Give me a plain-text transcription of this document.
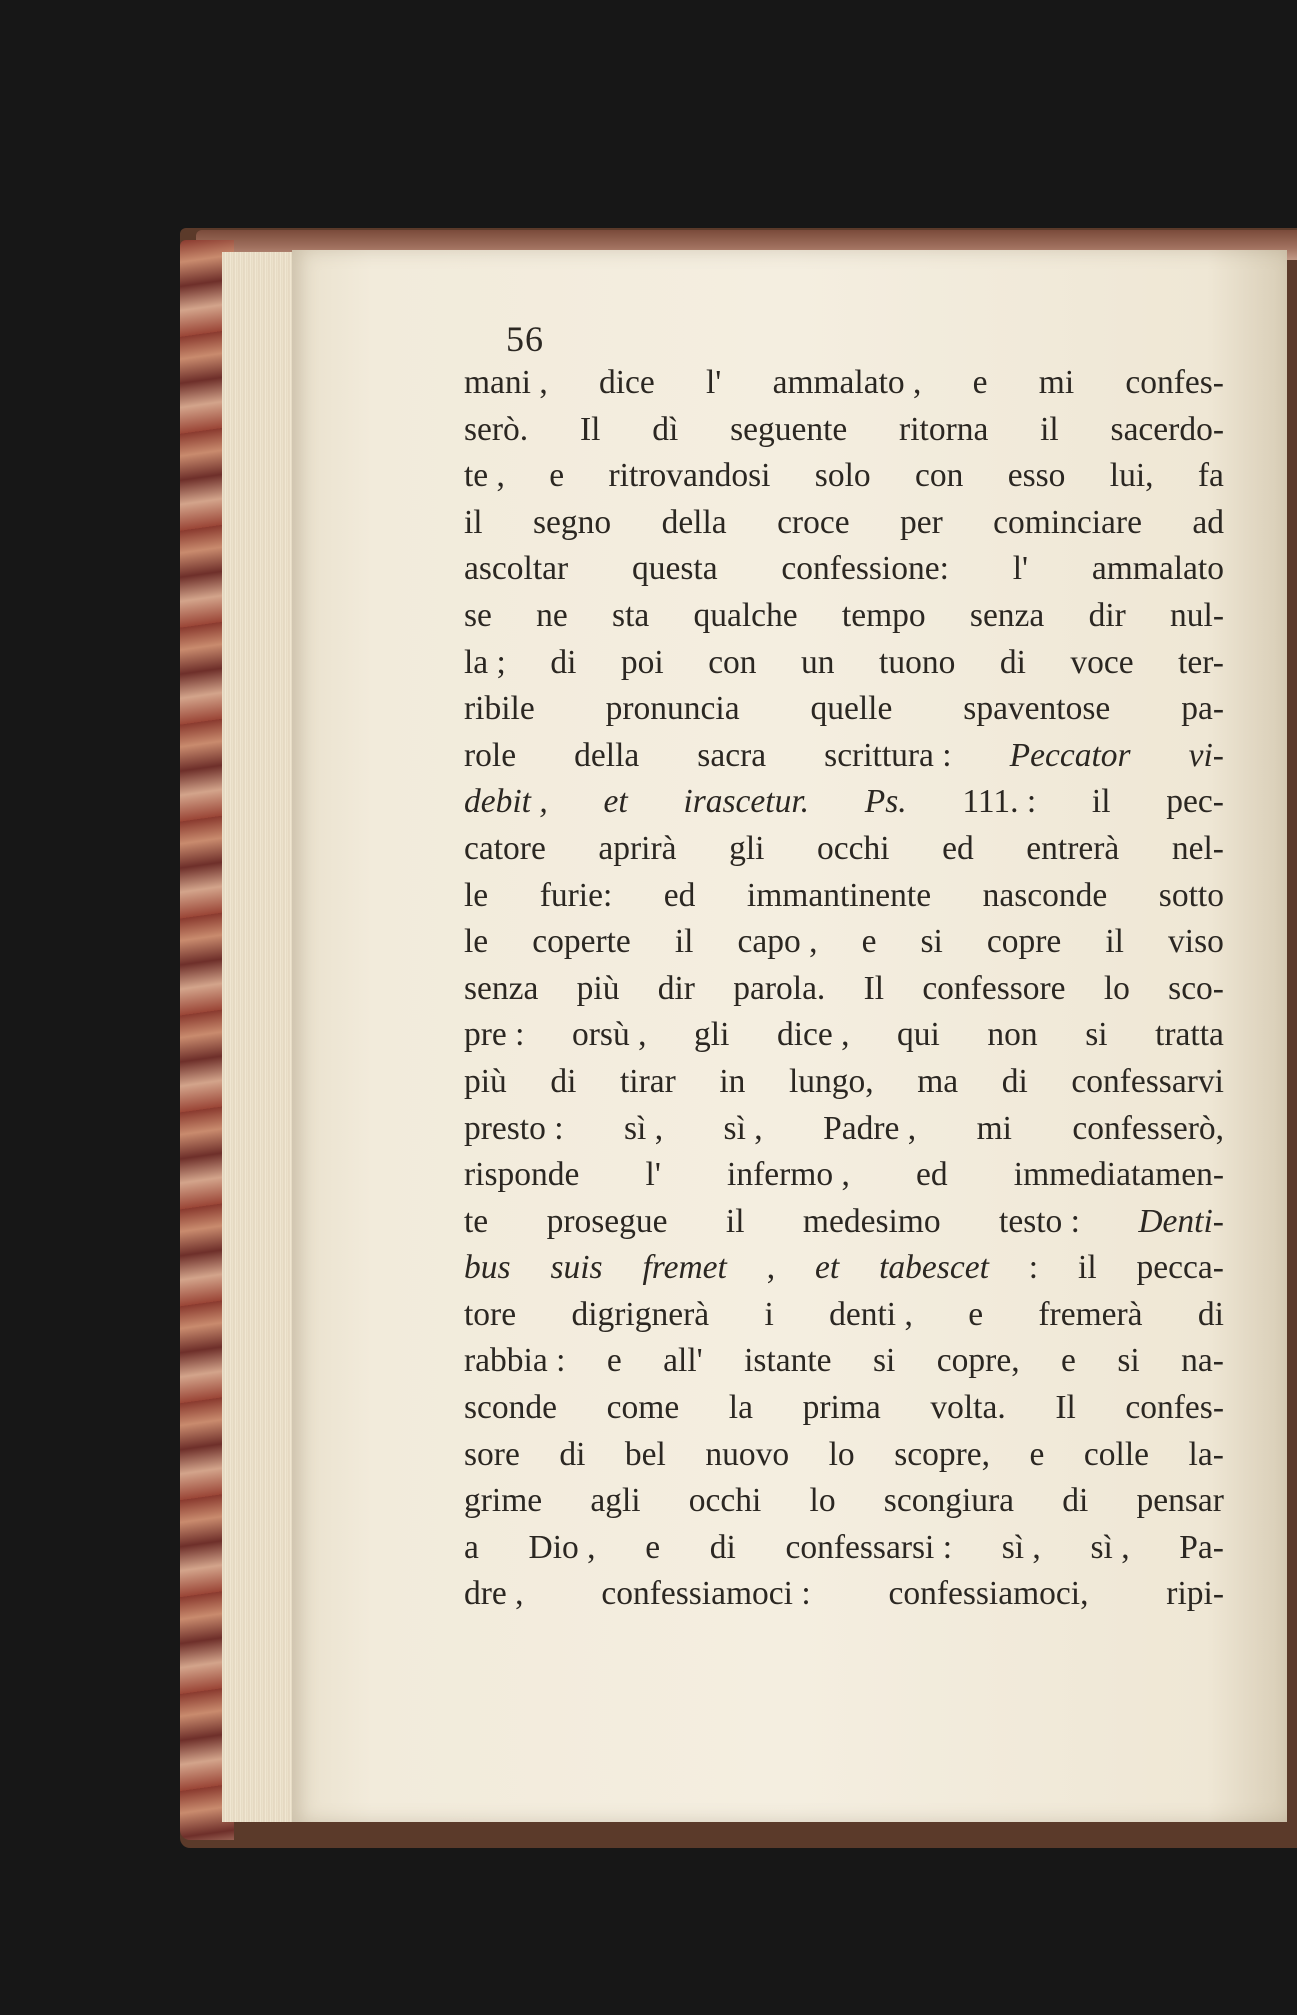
56
mani , dice l' ammalato , e mi confes-
serò. Il dì seguente ritorna il sacerdo-
te , e ritrovandosi solo con esso lui, fa
il segno della croce per cominciare ad
ascoltar questa confessione: l' ammalato
se ne sta qualche tempo senza dir nul-
la ; di poi con un tuono di voce ter-
ribile pronuncia quelle spaventose pa-
role della sacra scrittura : Peccator vi-
debit , et irascetur. Ps. 111. : il pec-
catore aprirà gli occhi ed entrerà nel-
le furie: ed immantinente nasconde sotto
le coperte il capo , e si copre il viso
senza più dir parola. Il confessore lo sco-
pre : orsù , gli dice , qui non si tratta
più di tirar in lungo, ma di confessarvi
presto : sì , sì , Padre , mi confesserò,
risponde l' infermo , ed immediatamen-
te prosegue il medesimo testo : Denti-
bus suis fremet , et tabescet : il pecca-
tore digrignerà i denti , e fremerà di
rabbia : e all' istante si copre, e si na-
sconde come la prima volta. Il confes-
sore di bel nuovo lo scopre, e colle la-
grime agli occhi lo scongiura di pensar
a Dio , e di confessarsi : sì , sì , Pa-
dre , confessiamoci : confessiamoci, ripi-
